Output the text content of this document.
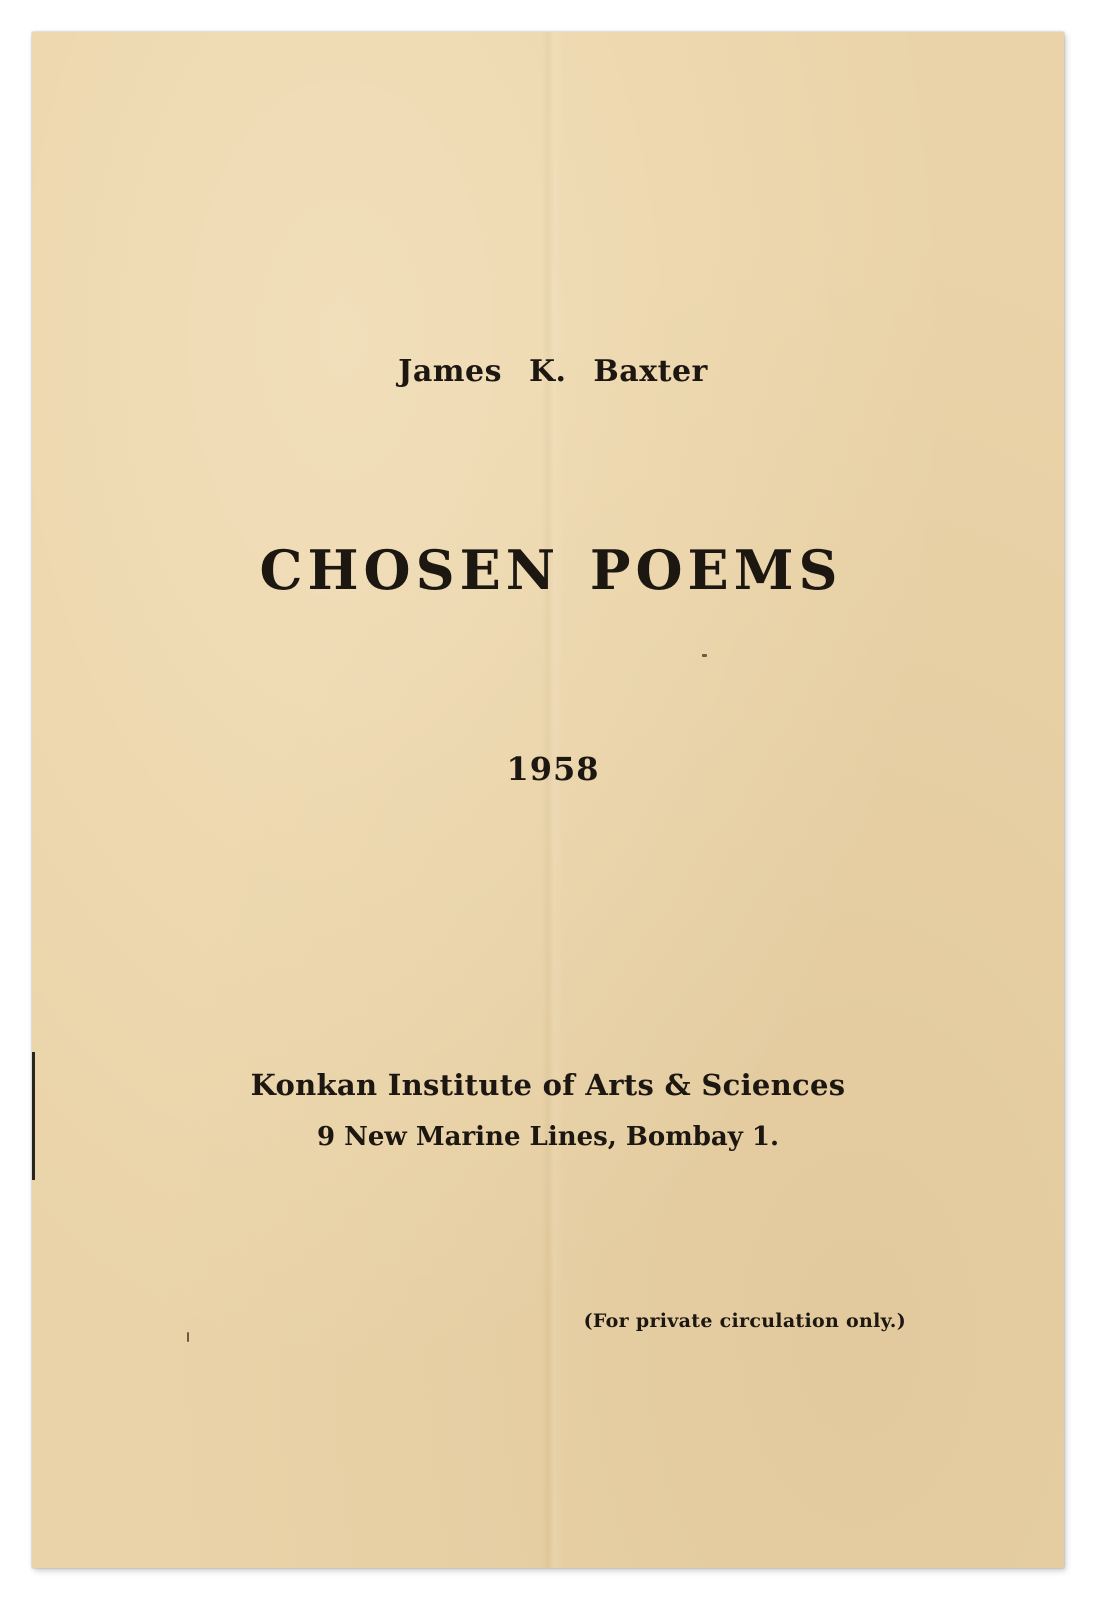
James K. Baxter
CHOSEN POEMS
1958
Konkan Institute of Arts & Sciences
9 New Marine Lines, Bombay 1.
(For private circulation only.)
